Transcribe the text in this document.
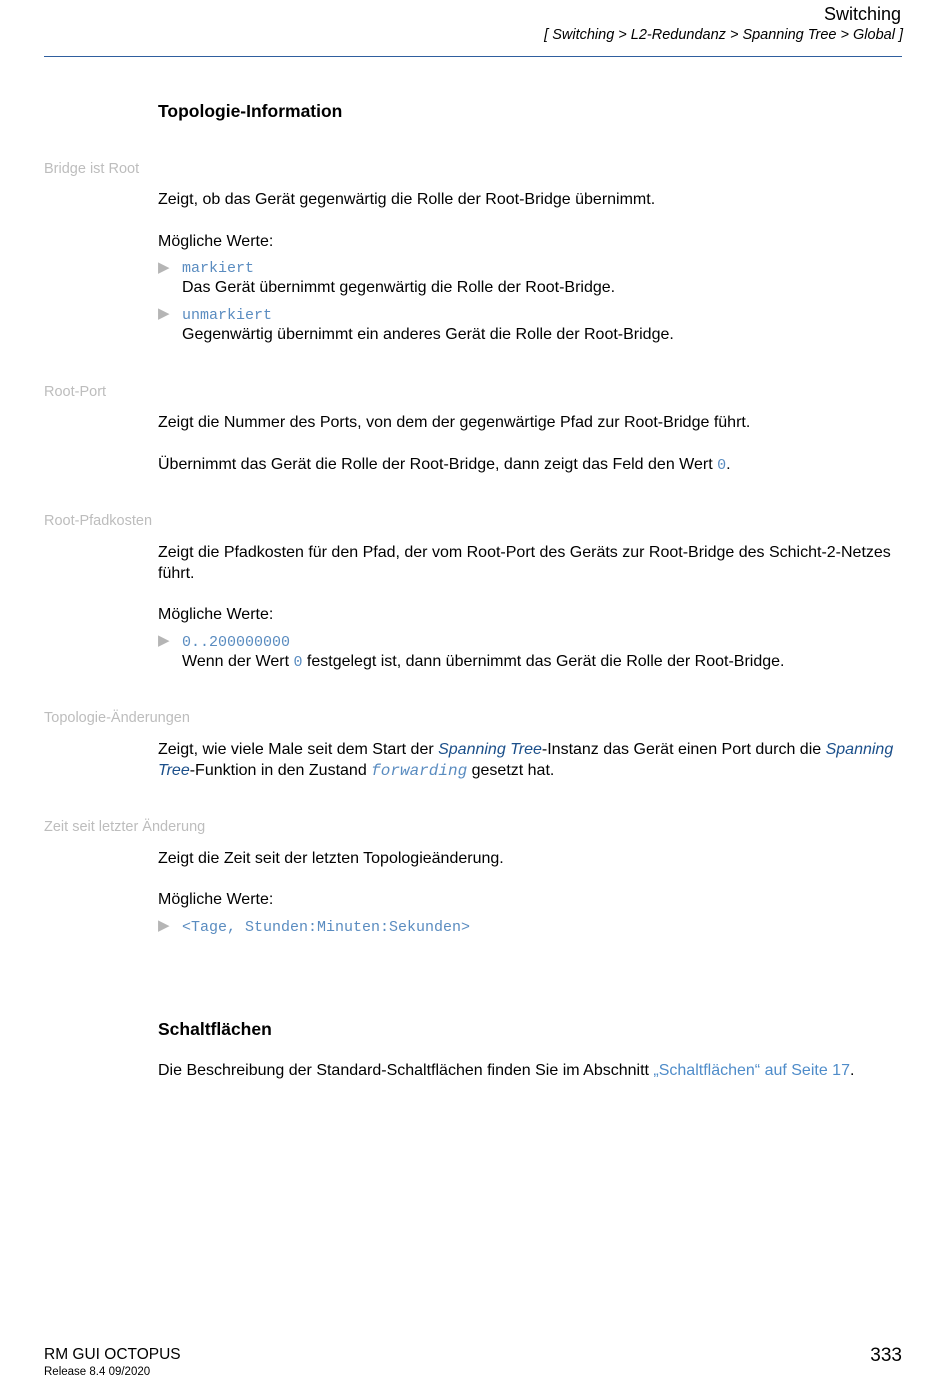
Switching
[ Switching > L2-Redundanz > Spanning Tree > Global ]
Topologie-Information
Bridge ist Root

Zeigt, ob das Gerät gegenwärtig die Rolle der Root-Bridge übernimmt.

Mögliche Werte:

▶ markiert
Das Gerät übernimmt gegenwärtig die Rolle der Root-Bridge.
▶ unmarkiert
Gegenwärtig übernimmt ein anderes Gerät die Rolle der Root-Bridge.
Root-Port

Zeigt die Nummer des Ports, von dem der gegenwärtige Pfad zur Root-Bridge führt.

Übernimmt das Gerät die Rolle der Root-Bridge, dann zeigt das Feld den Wert 0.

Root-Pfadkosten

Zeigt die Pfadkosten für den Pfad, der vom Root-Port des Geräts zur Root-Bridge des Schicht-2-Netzes führt.

Mögliche Werte:

▶ 0..200000000
Wenn der Wert 0 festgelegt ist, dann übernimmt das Gerät die Rolle der Root-Bridge.
Topologie-Änderungen

Zeigt, wie viele Male seit dem Start der Spanning Tree-Instanz das Gerät einen Port durch die Spanning Tree-Funktion in den Zustand forwarding gesetzt hat.

Zeit seit letzter Änderung

Zeigt die Zeit seit der letzten Topologieänderung.

Mögliche Werte:

▶ <Tage, Stunden:Minuten:Sekunden>
Schaltflächen

Die Beschreibung der Standard-Schaltflächen finden Sie im Abschnitt „Schaltflächen“ auf Seite 17.

RM GUI OCTOPUS
Release 8.4 09/2020
333
